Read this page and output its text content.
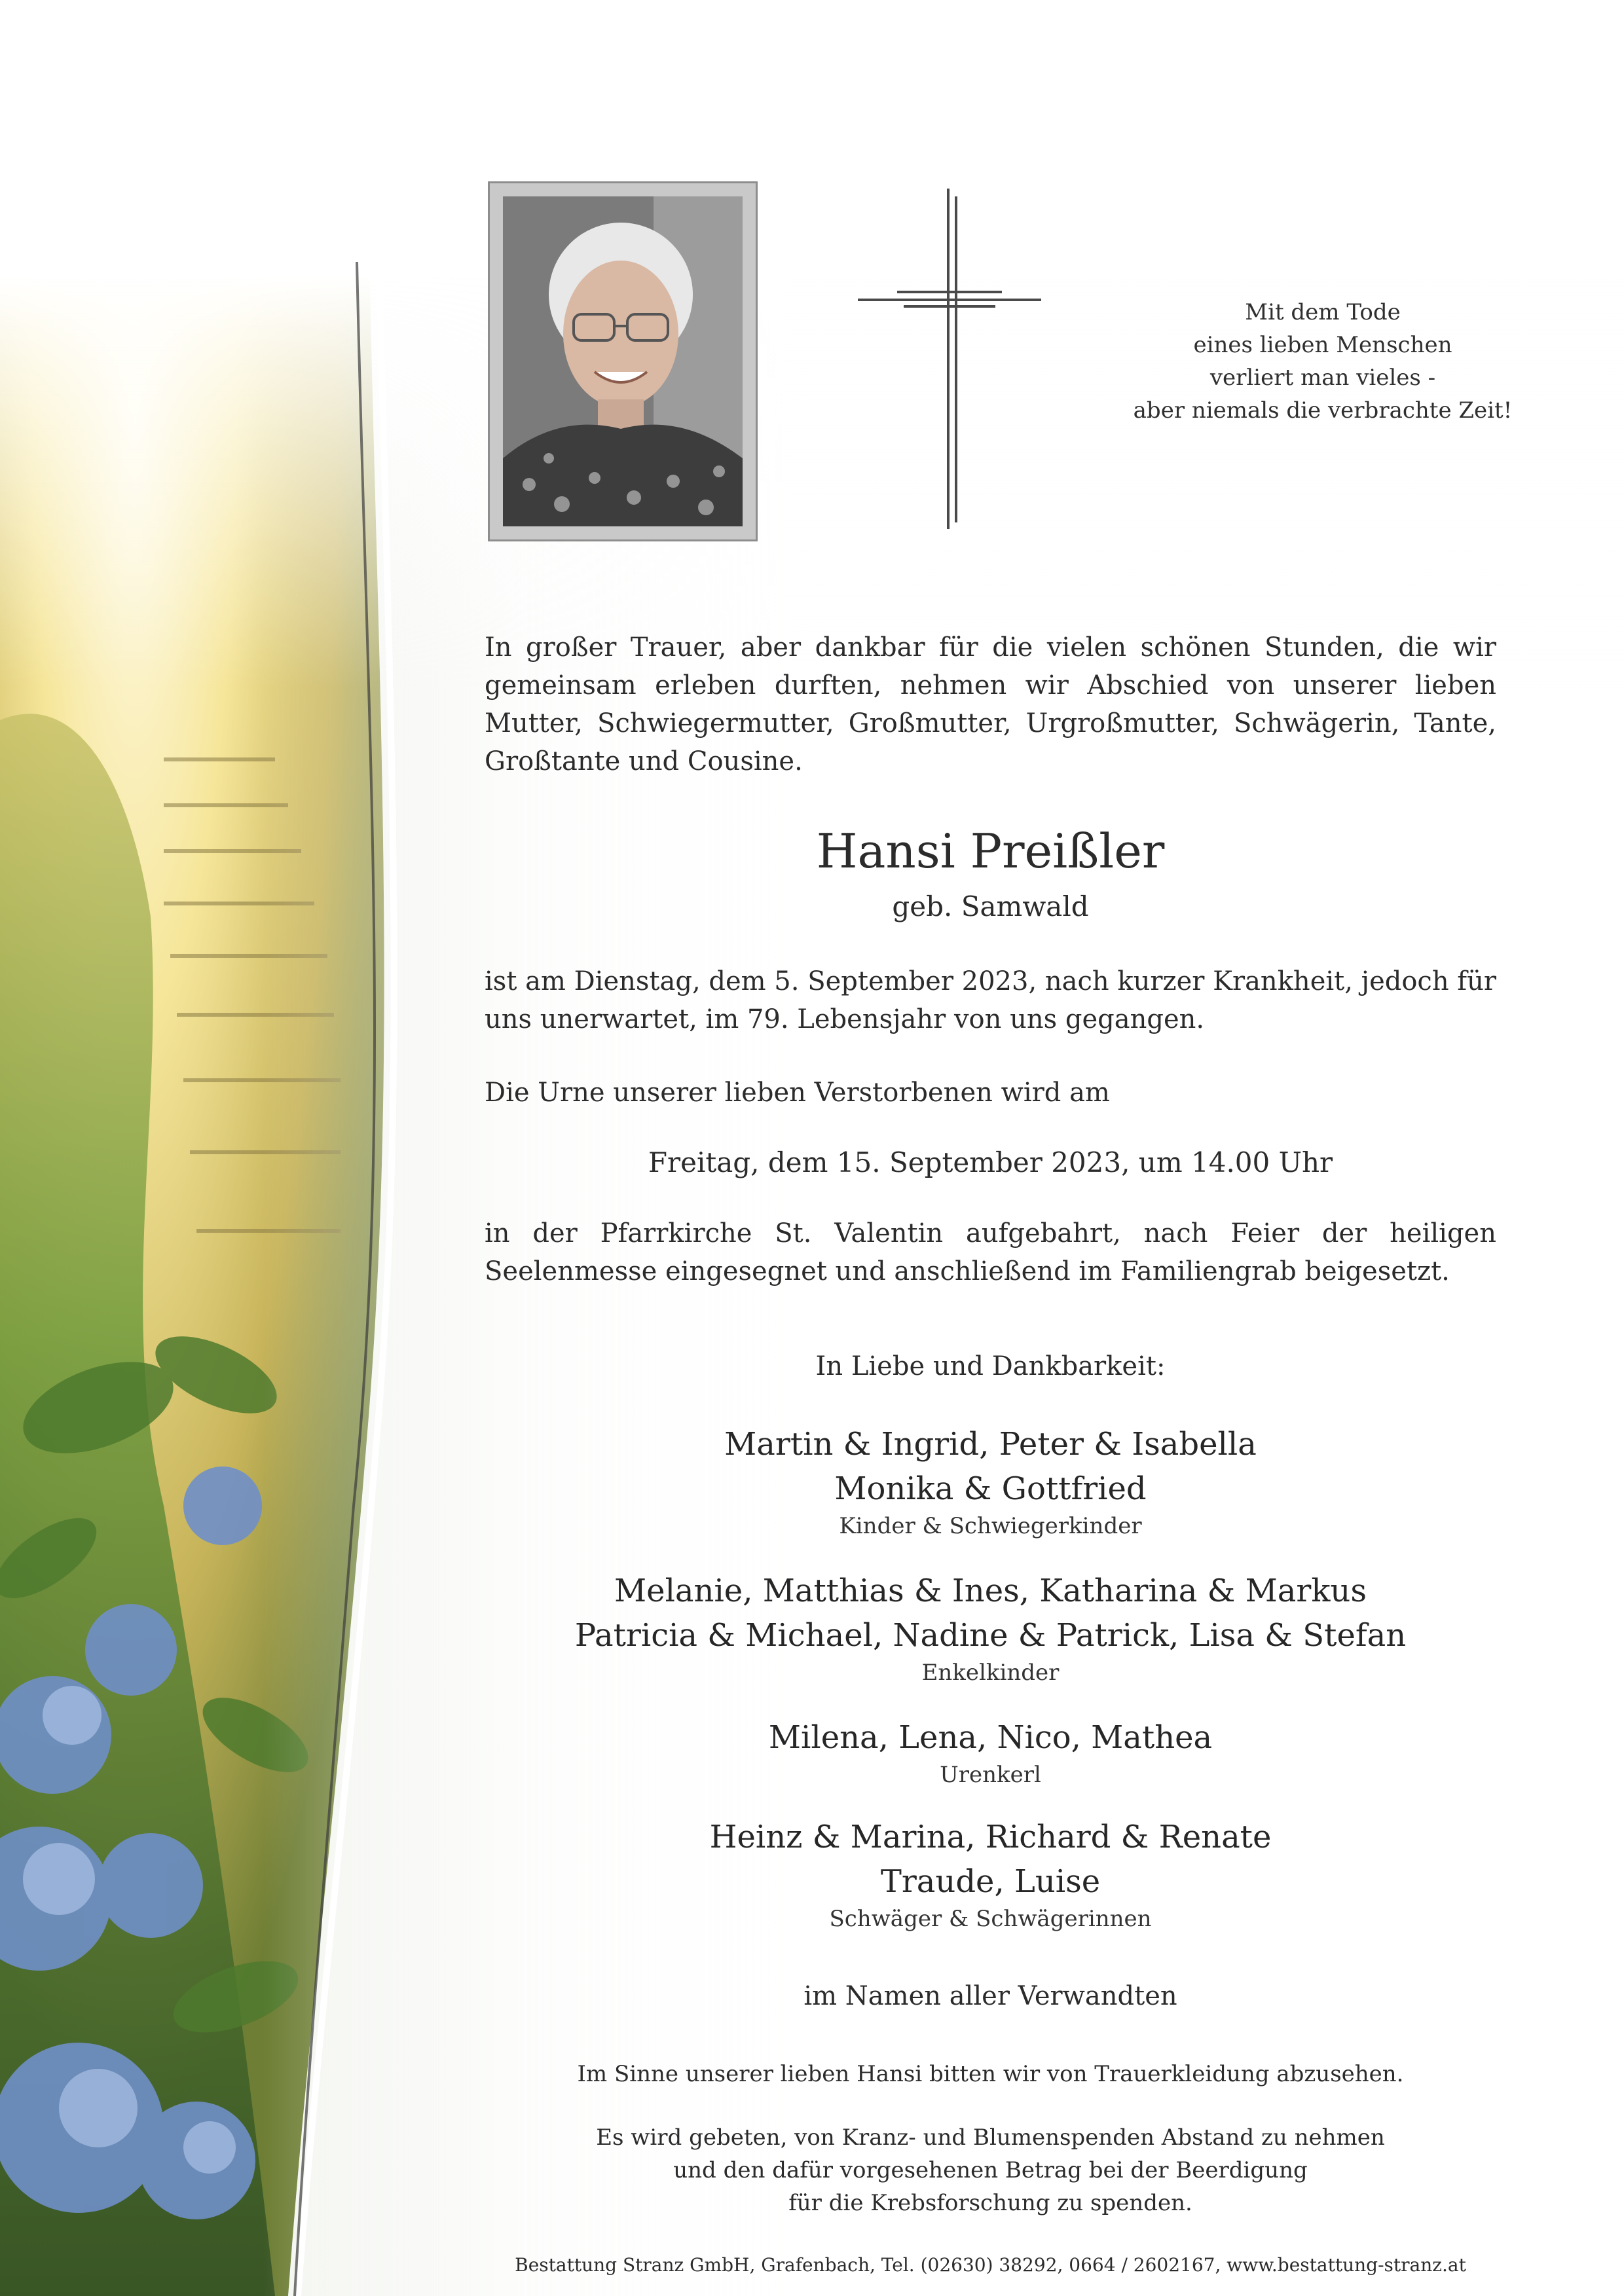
Mit dem Tode
eines lieben Menschen
verliert man vieles -
aber niemals die verbrachte Zeit!
In großer Trauer, aber dankbar für die vielen schönen Stunden, die wir gemeinsam erleben durften, nehmen wir Abschied von unserer lieben Mutter, Schwiegermutter, Großmutter, Urgroßmutter, Schwägerin, Tante, Großtante und Cousine.
Hansi Preißler
geb. Samwald
ist am Dienstag, dem 5. September 2023, nach kurzer Krankheit, jedoch für uns unerwartet, im 79. Lebensjahr von uns gegangen.
Die Urne unserer lieben Verstorbenen wird am
Freitag, dem 15. September 2023, um 14.00 Uhr
in der Pfarrkirche St. Valentin aufgebahrt, nach Feier der heiligen Seelenmesse eingesegnet und anschließend im Familiengrab beigesetzt.
In Liebe und Dankbarkeit:
Martin & Ingrid, Peter & Isabella
Monika & Gottfried
Kinder & Schwiegerkinder
Melanie, Matthias & Ines, Katharina & Markus
Patricia & Michael, Nadine & Patrick, Lisa & Stefan
Enkelkinder
Milena, Lena, Nico, Mathea
Urenkerl
Heinz & Marina, Richard & Renate
Traude, Luise
Schwäger & Schwägerinnen
im Namen aller Verwandten
Im Sinne unserer lieben Hansi bitten wir von Trauerkleidung abzusehen.
Es wird gebeten, von Kranz- und Blumenspenden Abstand zu nehmen
und den dafür vorgesehenen Betrag bei der Beerdigung
für die Krebsforschung zu spenden.
Bestattung Stranz GmbH, Grafenbach, Tel. (02630) 38292, 0664 / 2602167, www.bestattung-stranz.at
